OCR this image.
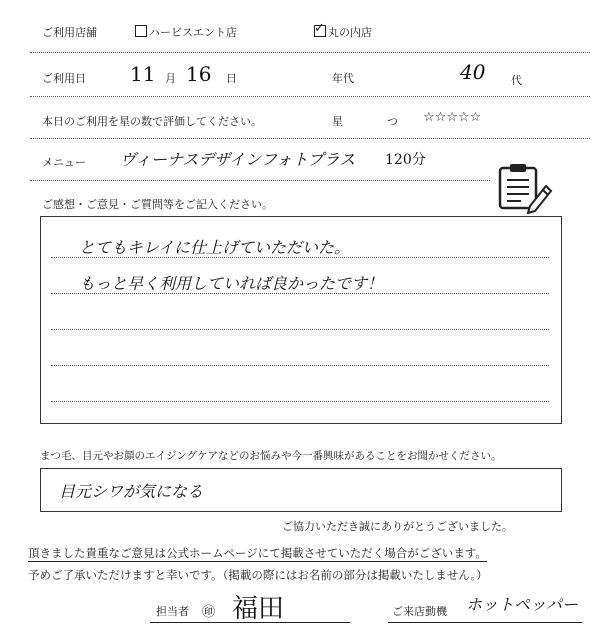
ご利用店舗	ハービスエント店	✓ 丸の内店
ご利用日 11 月 16 日	年代	40 代
本日のご利用を星の数で評価してください。	星	つ ☆☆☆☆☆
メニュー ヴィーナスデザインフォトプラス 120分
ご感想・ご意見・ご質問等をご記入ください。
とてもキレイに仕上げていただいた。
もっと早く利用していれば良かったです！
まつ毛、目元やお顔のエイジングケアなどのお悩みや今一番興味があることをお聞かせください。
目元シワが気になる
ご協力いただき誠にありがとうございました。
頂きました貴重なご意見は公式ホームページにて掲載させていただく場合がございます。
予めご了承いただけますと幸いです。（掲載の際にはお名前の部分は掲載いたしません。）
担当者 ㊞ 福田	ご来店動機 ホットペッパー
